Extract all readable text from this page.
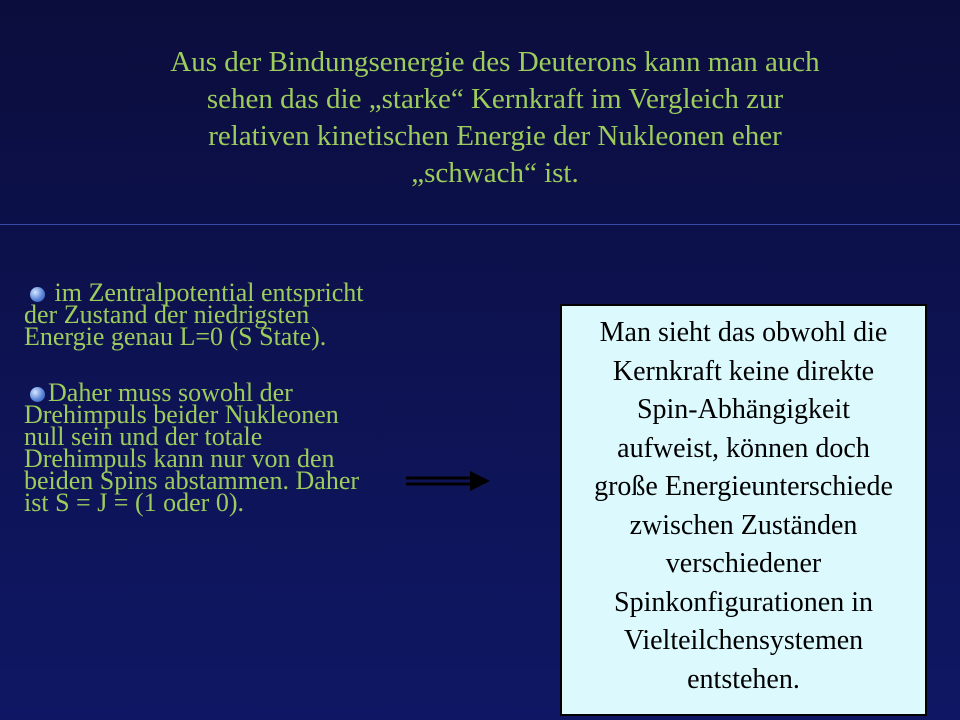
Aus der Bindungsenergie des Deuterons kann man auch
sehen das die „starke“ Kernkraft im Vergleich zur
relativen kinetischen Energie der Nukleonen eher
„schwach“ ist.
im Zentralpotential entspricht der Zustand der niedrigsten Energie genau L=0 (S State).
Daher muss sowohl der Drehimpuls beider Nukleonen null sein und der totale Drehimpuls kann nur von den beiden Spins abstammen. Daher ist S = J = (1 oder 0).
Man sieht das obwohl die
Kernkraft keine direkte
Spin-Abhängigkeit
aufweist, können doch
große Energieunterschiede
zwischen Zuständen
verschiedener
Spinkonfigurationen in
Vielteilchensystemen
entstehen.
